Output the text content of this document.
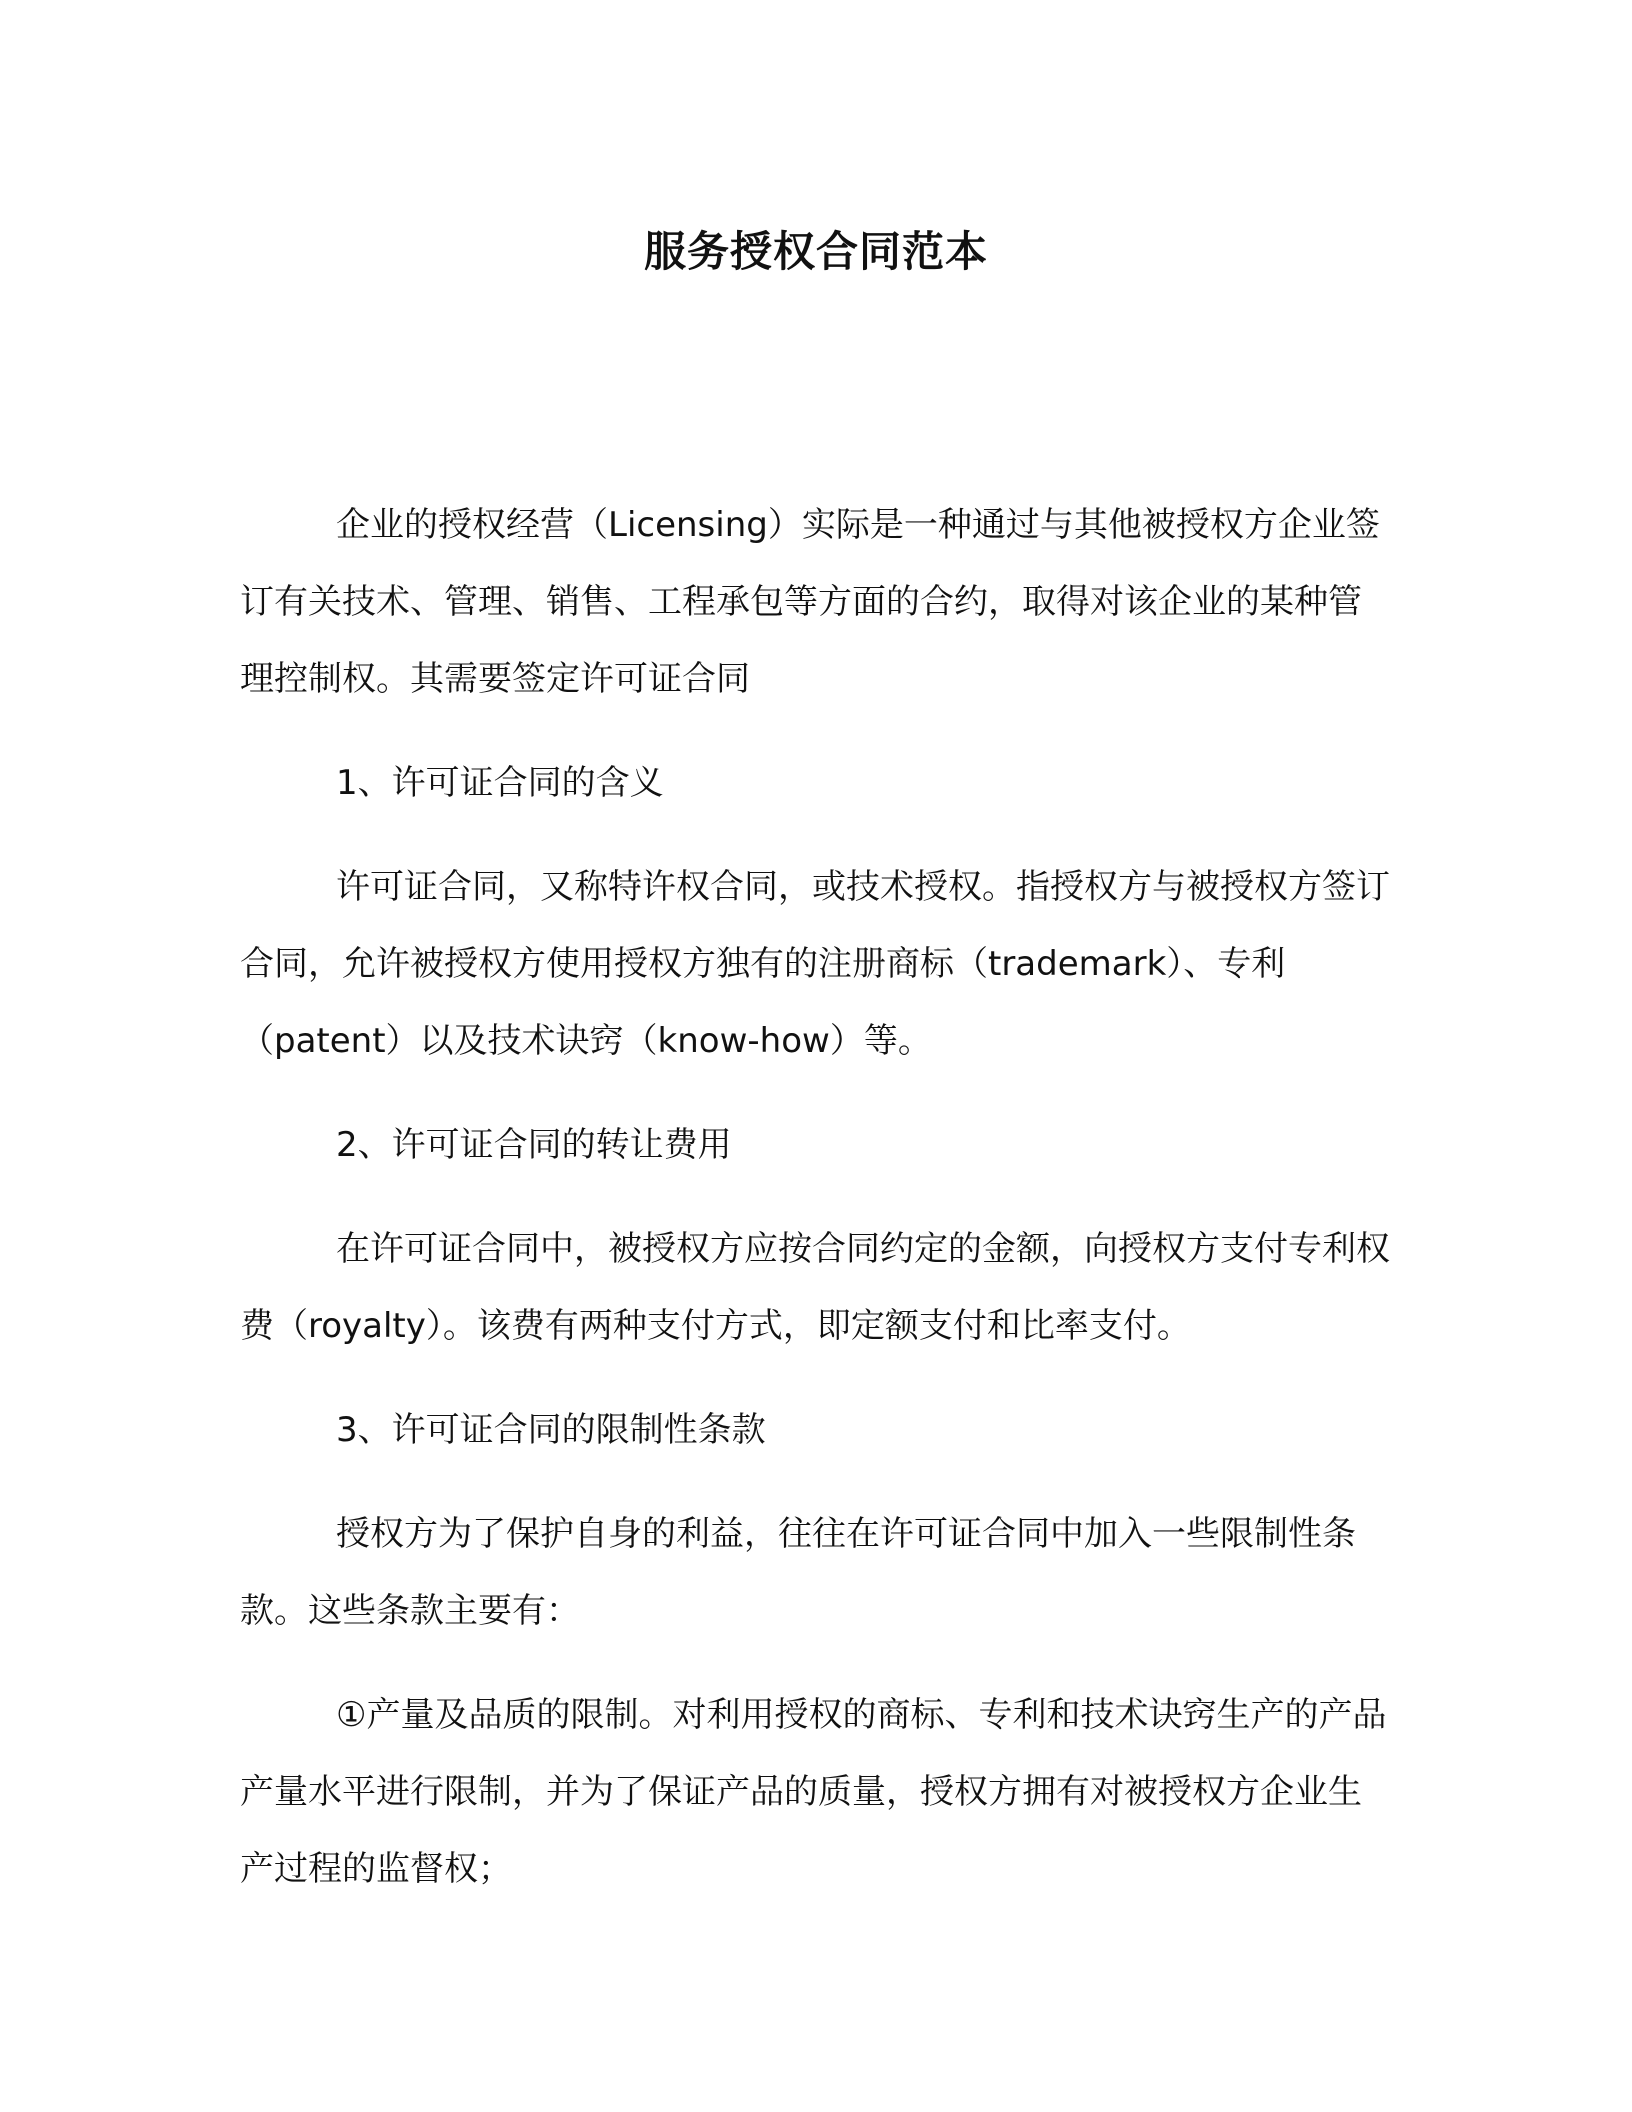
服务授权合同范本

企业的授权经营（Licensing）实际是一种通过与其他被授权方企业签订有关技术、管理、销售、工程承包等方面的合约，取得对该企业的某种管理控制权。其需要签定许可证合同

1、许可证合同的含义

许可证合同，又称特许权合同，或技术授权。指授权方与被授权方签订合同，允许被授权方使用授权方独有的注册商标（trademark）、专利（patent）以及技术诀窍（know-how）等。

2、许可证合同的转让费用

在许可证合同中，被授权方应按合同约定的金额，向授权方支付专利权费（royalty）。该费有两种支付方式，即定额支付和比率支付。

3、许可证合同的限制性条款

授权方为了保护自身的利益，往往在许可证合同中加入一些限制性条款。这些条款主要有：

①产量及品质的限制。对利用授权的商标、专利和技术诀窍生产的产品产量水平进行限制，并为了保证产品的质量，授权方拥有对被授权方企业生产过程的监督权；
